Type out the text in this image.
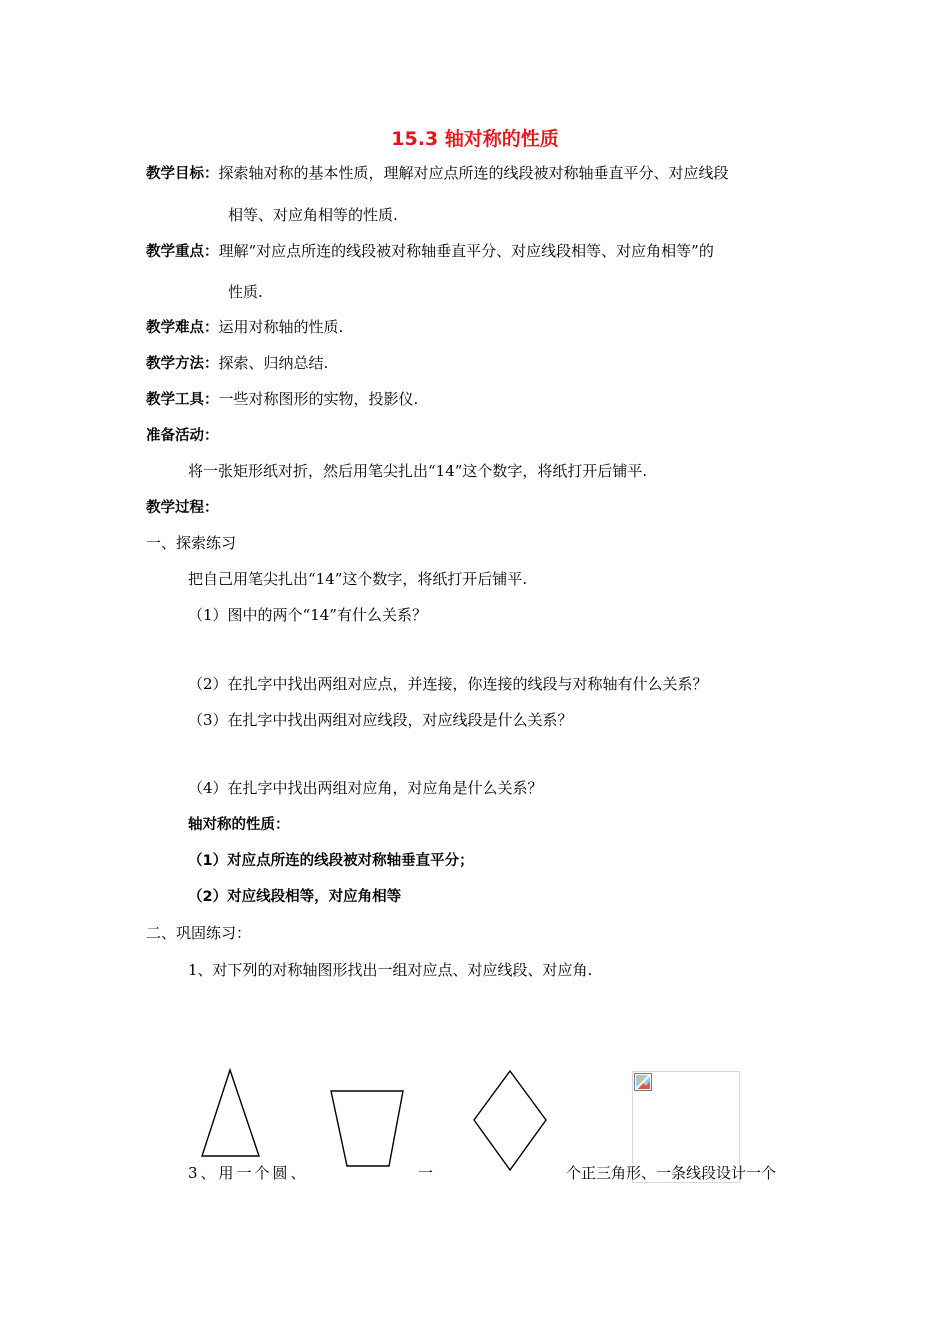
15.3 轴对称的性质
教学目标：探索轴对称的基本性质，理解对应点所连的线段被对称轴垂直平分、对应线段
相等、对应角相等的性质.
教学重点：理解“对应点所连的线段被对称轴垂直平分、对应线段相等、对应角相等”的
性质.
教学难点：运用对称轴的性质.
教学方法：探索、归纳总结.
教学工具：一些对称图形的实物，投影仪.
准备活动：
将一张矩形纸对折，然后用笔尖扎出“14”这个数字，将纸打开后铺平.
教学过程：
一、探索练习
把自己用笔尖扎出“14”这个数字，将纸打开后铺平.
（1）图中的两个“14”有什么关系？
（2）在扎字中找出两组对应点，并连接，你连接的线段与对称轴有什么关系？
（3）在扎字中找出两组对应线段，对应线段是什么关系？
（4）在扎字中找出两组对应角，对应角是什么关系？
轴对称的性质：
（1）对应点所连的线段被对称轴垂直平分；
（2）对应线段相等，对应角相等
二、巩固练习：
1、对下列的对称轴图形找出一组对应点、对应线段、对应角.
3、用一个圆、	一	个正三角形、一条线段设计一个
